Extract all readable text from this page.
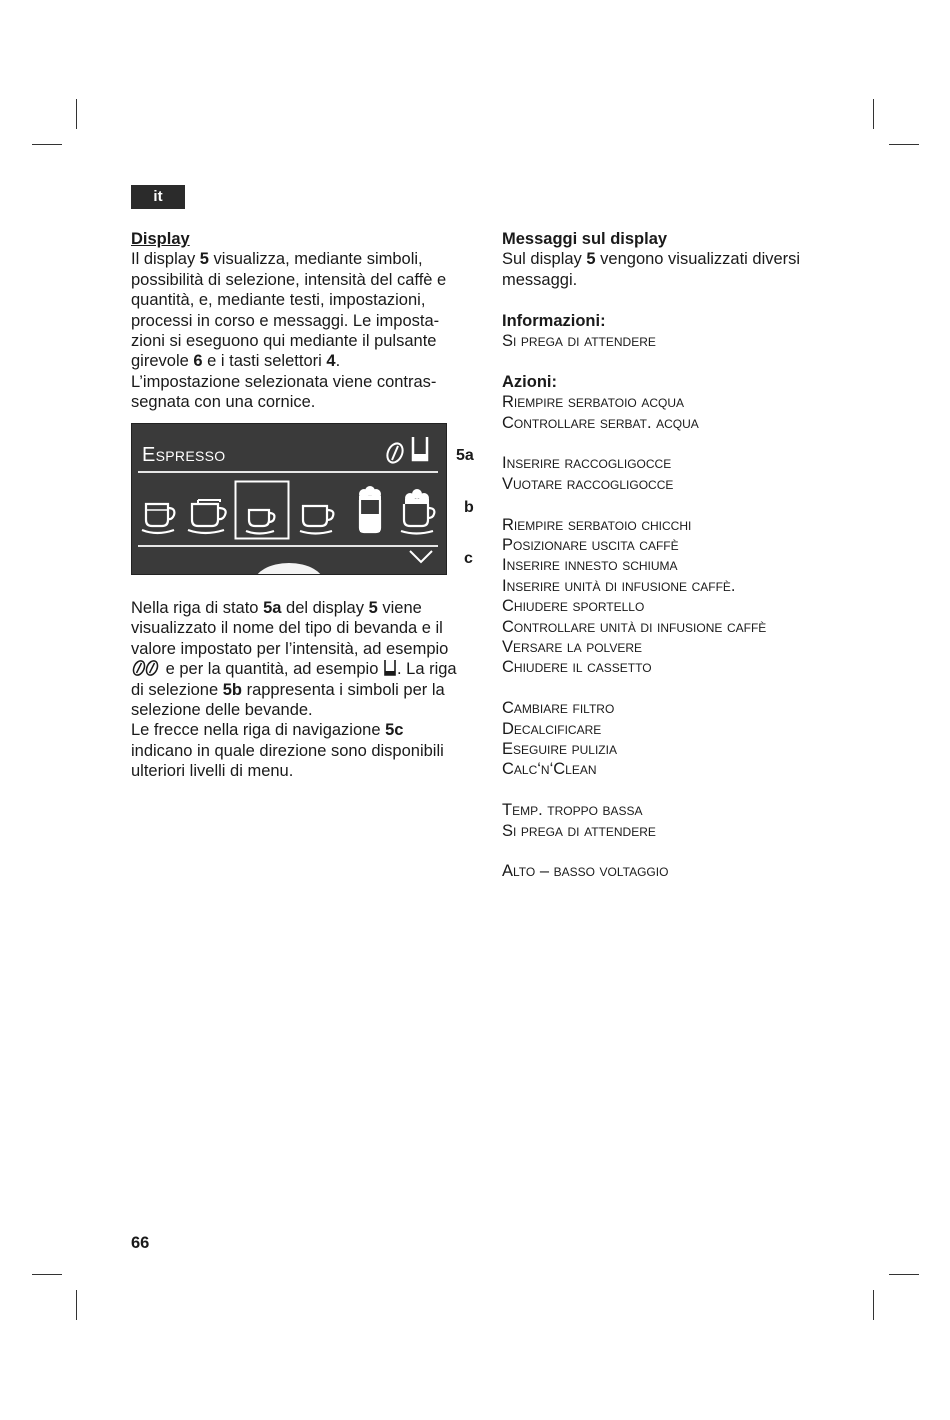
it

Display

Il display 5 visualizza, mediante simboli, possibilità di selezione, intensità del caffè e quantità, e, mediante testi, impostazioni, processi in corso e messaggi. Le imposta-zioni si eseguono qui mediante il pulsante girevole 6 e i tasti selettori 4.

L’impostazione selezionata viene contras-segnata con una cornice.

Espresso	5a
b
c

Nella riga di stato 5a del display 5 viene visualizzato il nome del tipo di bevanda e il valore impostato per l’intensità, ad esempio  e per la quantità, ad esempio . La riga di selezione 5b rappresenta i simboli per la selezione delle bevande.

Le frecce nella riga di navigazione 5c indicano in quale direzione sono disponibili ulteriori livelli di menu.

Messaggi sul display

Sul display 5 vengono visualizzati diversi messaggi.

Informazioni:

Si prega di attendere

Azioni:

Riempire serbatoio acqua

Controllare serbat. acqua

Inserire raccogligocce

Vuotare raccogligocce

Riempire serbatoio chicchi

Posizionare uscita caffè

Inserire innesto schiuma

Inserire unità di infusione caffè.

Chiudere sportello

Controllare unità di infusione caffè

Versare la polvere

Chiudere il cassetto

Cambiare filtro

Decalcificare

Eseguire pulizia

Calc‘n‘Clean

Temp. troppo bassa

Si prega di attendere

Alto – basso voltaggio

66
